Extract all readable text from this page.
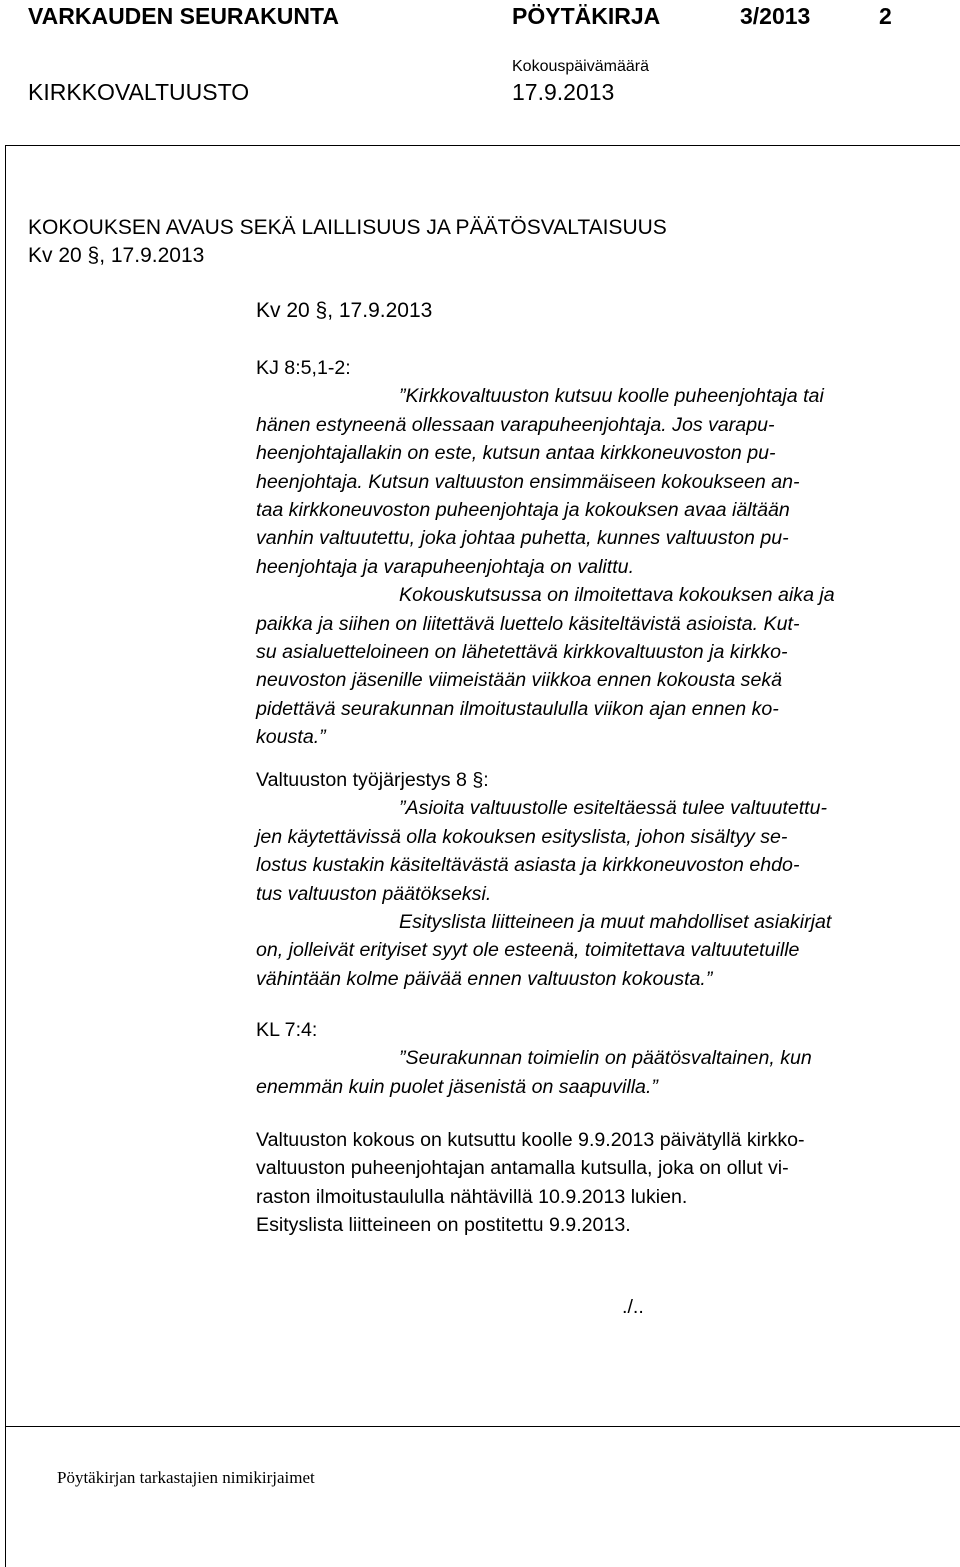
VARKAUDEN SEURAKUNTA	PÖYTÄKIRJA	3/2013	2
Kokouspäivämäärä
KIRKKOVALTUUSTO	17.9.2013
KOKOUKSEN AVAUS SEKÄ LAILLISUUS JA PÄÄTÖSVALTAISUUS
Kv 20 §, 17.9.2013
Kv 20 §, 17.9.2013
KJ 8:5,1-2:
”Kirkkovaltuuston kutsuu koolle puheenjohtaja tai
hänen estyneenä ollessaan varapuheenjohtaja. Jos varapu-
heenjohtajallakin on este, kutsun antaa kirkkoneuvoston pu-
heenjohtaja. Kutsun valtuuston ensimmäiseen kokoukseen an-
taa kirkkoneuvoston puheenjohtaja ja kokouksen avaa iältään
vanhin valtuutettu, joka johtaa puhetta, kunnes valtuuston pu-
heenjohtaja ja varapuheenjohtaja on valittu.
Kokouskutsussa on ilmoitettava kokouksen aika ja
paikka ja siihen on liitettävä luettelo käsiteltävistä asioista. Kut-
su asialuetteloineen on lähetettävä kirkkovaltuuston ja kirkko-
neuvoston jäsenille viimeistään viikkoa ennen kokousta sekä
pidettävä seurakunnan ilmoitustaululla viikon ajan ennen ko-
kousta.”
Valtuuston työjärjestys 8 §:
”Asioita valtuustolle esiteltäessä tulee valtuutettu-
jen käytettävissä olla kokouksen esityslista, johon sisältyy se-
lostus kustakin käsiteltävästä asiasta ja kirkkoneuvoston ehdo-
tus valtuuston päätökseksi.
Esityslista liitteineen ja muut mahdolliset asiakirjat
on, jolleivät erityiset syyt ole esteenä, toimitettava valtuutetuille
vähintään kolme päivää ennen valtuuston kokousta.”
KL 7:4:
”Seurakunnan toimielin on päätösvaltainen, kun
enemmän kuin puolet jäsenistä on saapuvilla.”
Valtuuston kokous on kutsuttu koolle 9.9.2013 päivätyllä kirkko-
valtuuston puheenjohtajan antamalla kutsulla, joka on ollut vi-
raston ilmoitustaululla nähtävillä 10.9.2013 lukien.
Esityslista liitteineen on postitettu 9.9.2013.
./..
Pöytäkirjan tarkastajien nimikirjaimet
